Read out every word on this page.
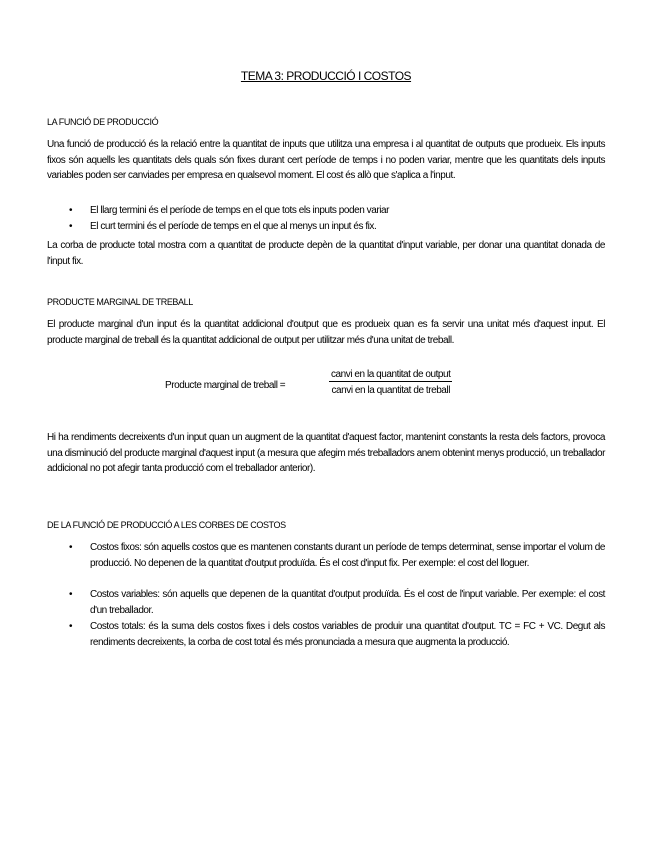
TEMA 3: PRODUCCIÓ I COSTOS
LA FUNCIÓ DE PRODUCCIÓ
Una funció de producció és la relació entre la quantitat de inputs que utilitza una empresa i al quantitat de outputs que produeix. Els inputs fixos són aquells les quantitats dels quals són fixes durant cert període de temps i no poden variar, mentre que les quantitats dels inputs variables poden ser canviades per empresa en qualsevol moment. El cost és allò que s'aplica a l'input.
•	El llarg termini és el període de temps en el que tots els inputs poden variar
•	El curt termini és el període de temps en el que al menys un input és fix.
La corba de producte total mostra com a quantitat de producte depèn de la quantitat d'input variable, per donar una quantitat donada de l'input fix.
PRODUCTE MARGINAL DE TREBALL
El producte marginal d'un input és la quantitat addicional d'output que es produeix quan es fa servir una unitat més d'aquest input. El producte marginal de treball és la quantitat addicional de output per utilitzar més d'una unitat de treball.
Producte marginal de treball =
canvi en la quantitat de output
canvi en la quantitat de treball
Hi ha rendiments decreixents d'un input quan un augment de la quantitat d'aquest factor, mantenint constants la resta dels factors, provoca una disminució del producte marginal d'aquest input (a mesura que afegim més treballadors anem obtenint menys producció, un treballador addicional no pot afegir tanta producció com el treballador anterior).
DE LA FUNCIÓ DE PRODUCCIÓ A LES CORBES DE COSTOS
•	Costos fixos: són aquells costos que es mantenen constants durant un període de temps determinat, sense importar el volum de producció. No depenen de la quantitat d'output produïda. És el cost d'input fix. Per exemple: el cost del lloguer.
•	Costos variables: són aquells que depenen de la quantitat d'output produïda. És el cost de l'input variable. Per exemple: el cost d'un treballador.
•	Costos totals: és la suma dels costos fixes i dels costos variables de produir una quantitat d'output. TC = FC + VC. Degut als rendiments decreixents, la corba de cost total és més pronunciada a mesura que augmenta la producció.
